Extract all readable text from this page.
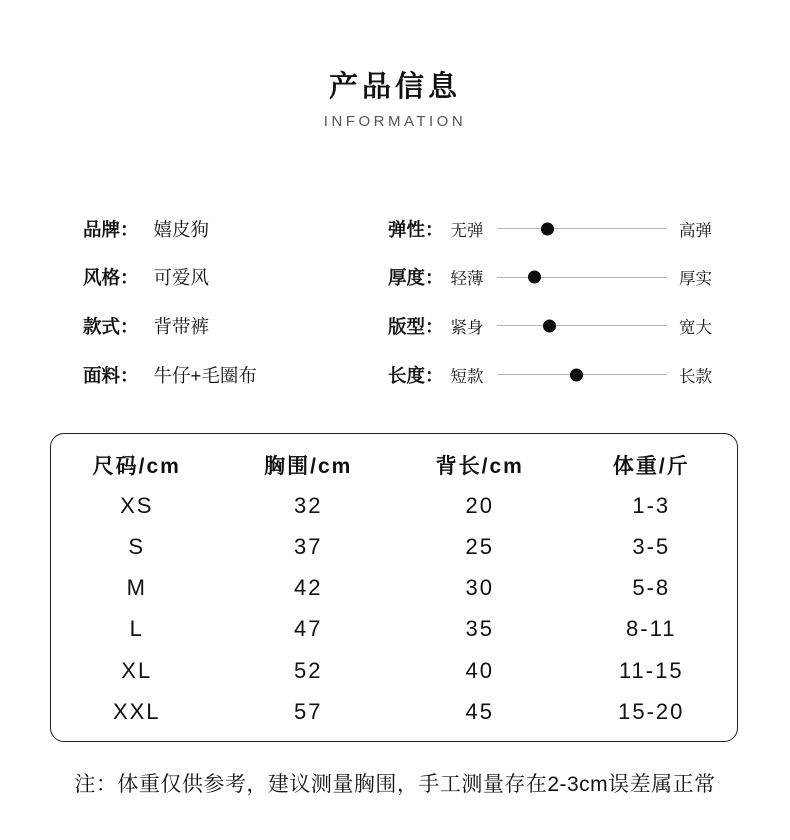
产品信息
INFORMATION
品牌： 嬉皮狗
风格： 可爱风
款式： 背带裤
面料： 牛仔+毛圈布
弹性： 无弹	高弹
厚度： 轻薄	厚实
版型： 紧身	宽大
长度： 短款	长款
尺码/cm	胸围/cm	背长/cm	体重/斤
XS	32	20	1-3
S	37	25	3-5
M	42	30	5-8
L	47	35	8-11
XL	52	40	11-15
XXL	57	45	15-20
注：体重仅供参考，建议测量胸围，手工测量存在2-3cm误差属正常
